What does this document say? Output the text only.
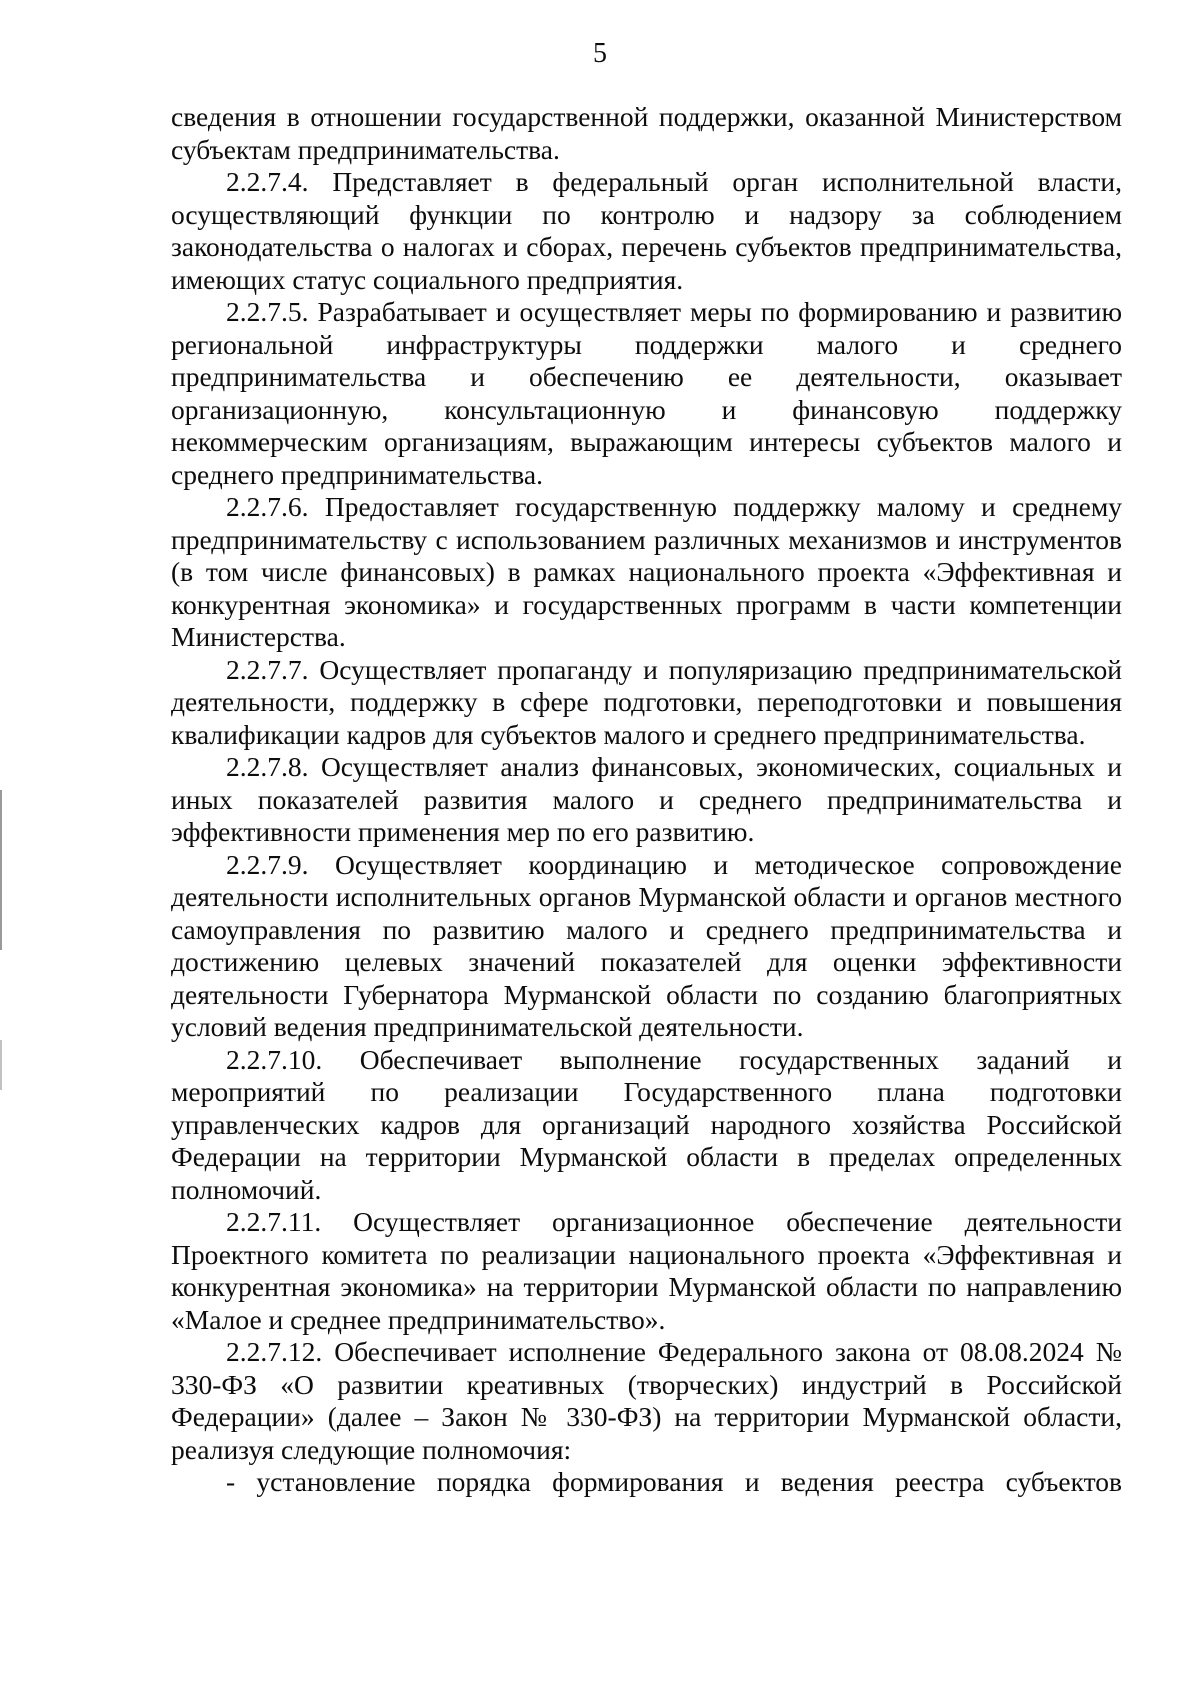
5

сведения в отношении государственной поддержки, оказанной Министерством субъектам предпринимательства.

2.2.7.4. Представляет в федеральный орган исполнительной власти, осуществляющий функции по контролю и надзору за соблюдением законодательства о налогах и сборах, перечень субъектов предпринимательства, имеющих статус социального предприятия.

2.2.7.5. Разрабатывает и осуществляет меры по формированию и развитию региональной инфраструктуры поддержки малого и среднего предпринимательства и обеспечению ее деятельности, оказывает организационную, консультационную и финансовую поддержку некоммерческим организациям, выражающим интересы субъектов малого и среднего предпринимательства.

2.2.7.6. Предоставляет государственную поддержку малому и среднему предпринимательству с использованием различных механизмов и инструментов (в том числе финансовых) в рамках национального проекта «Эффективная и конкурентная экономика» и государственных программ в части компетенции Министерства.

2.2.7.7. Осуществляет пропаганду и популяризацию предпринимательской деятельности, поддержку в сфере подготовки, переподготовки и повышения квалификации кадров для субъектов малого и среднего предпринимательства.

2.2.7.8. Осуществляет анализ финансовых, экономических, социальных и иных показателей развития малого и среднего предпринимательства и эффективности применения мер по его развитию.

2.2.7.9. Осуществляет координацию и методическое сопровождение деятельности исполнительных органов Мурманской области и органов местного самоуправления по развитию малого и среднего предпринимательства и достижению целевых значений показателей для оценки эффективности деятельности Губернатора Мурманской области по созданию благоприятных условий ведения предпринимательской деятельности.

2.2.7.10. Обеспечивает выполнение государственных заданий и мероприятий по реализации Государственного плана подготовки управленческих кадров для организаций народного хозяйства Российской Федерации на территории Мурманской области в пределах определенных полномочий.

2.2.7.11. Осуществляет организационное обеспечение деятельности Проектного комитета по реализации национального проекта «Эффективная и конкурентная экономика» на территории Мурманской области по направлению «Малое и среднее предпринимательство».

2.2.7.12. Обеспечивает исполнение Федерального закона от 08.08.2024 № 330-ФЗ «О развитии креативных (творческих) индустрий в Российской Федерации» (далее – Закон № 330-ФЗ) на территории Мурманской области, реализуя следующие полномочия:

- установление порядка формирования и ведения реестра субъектов
